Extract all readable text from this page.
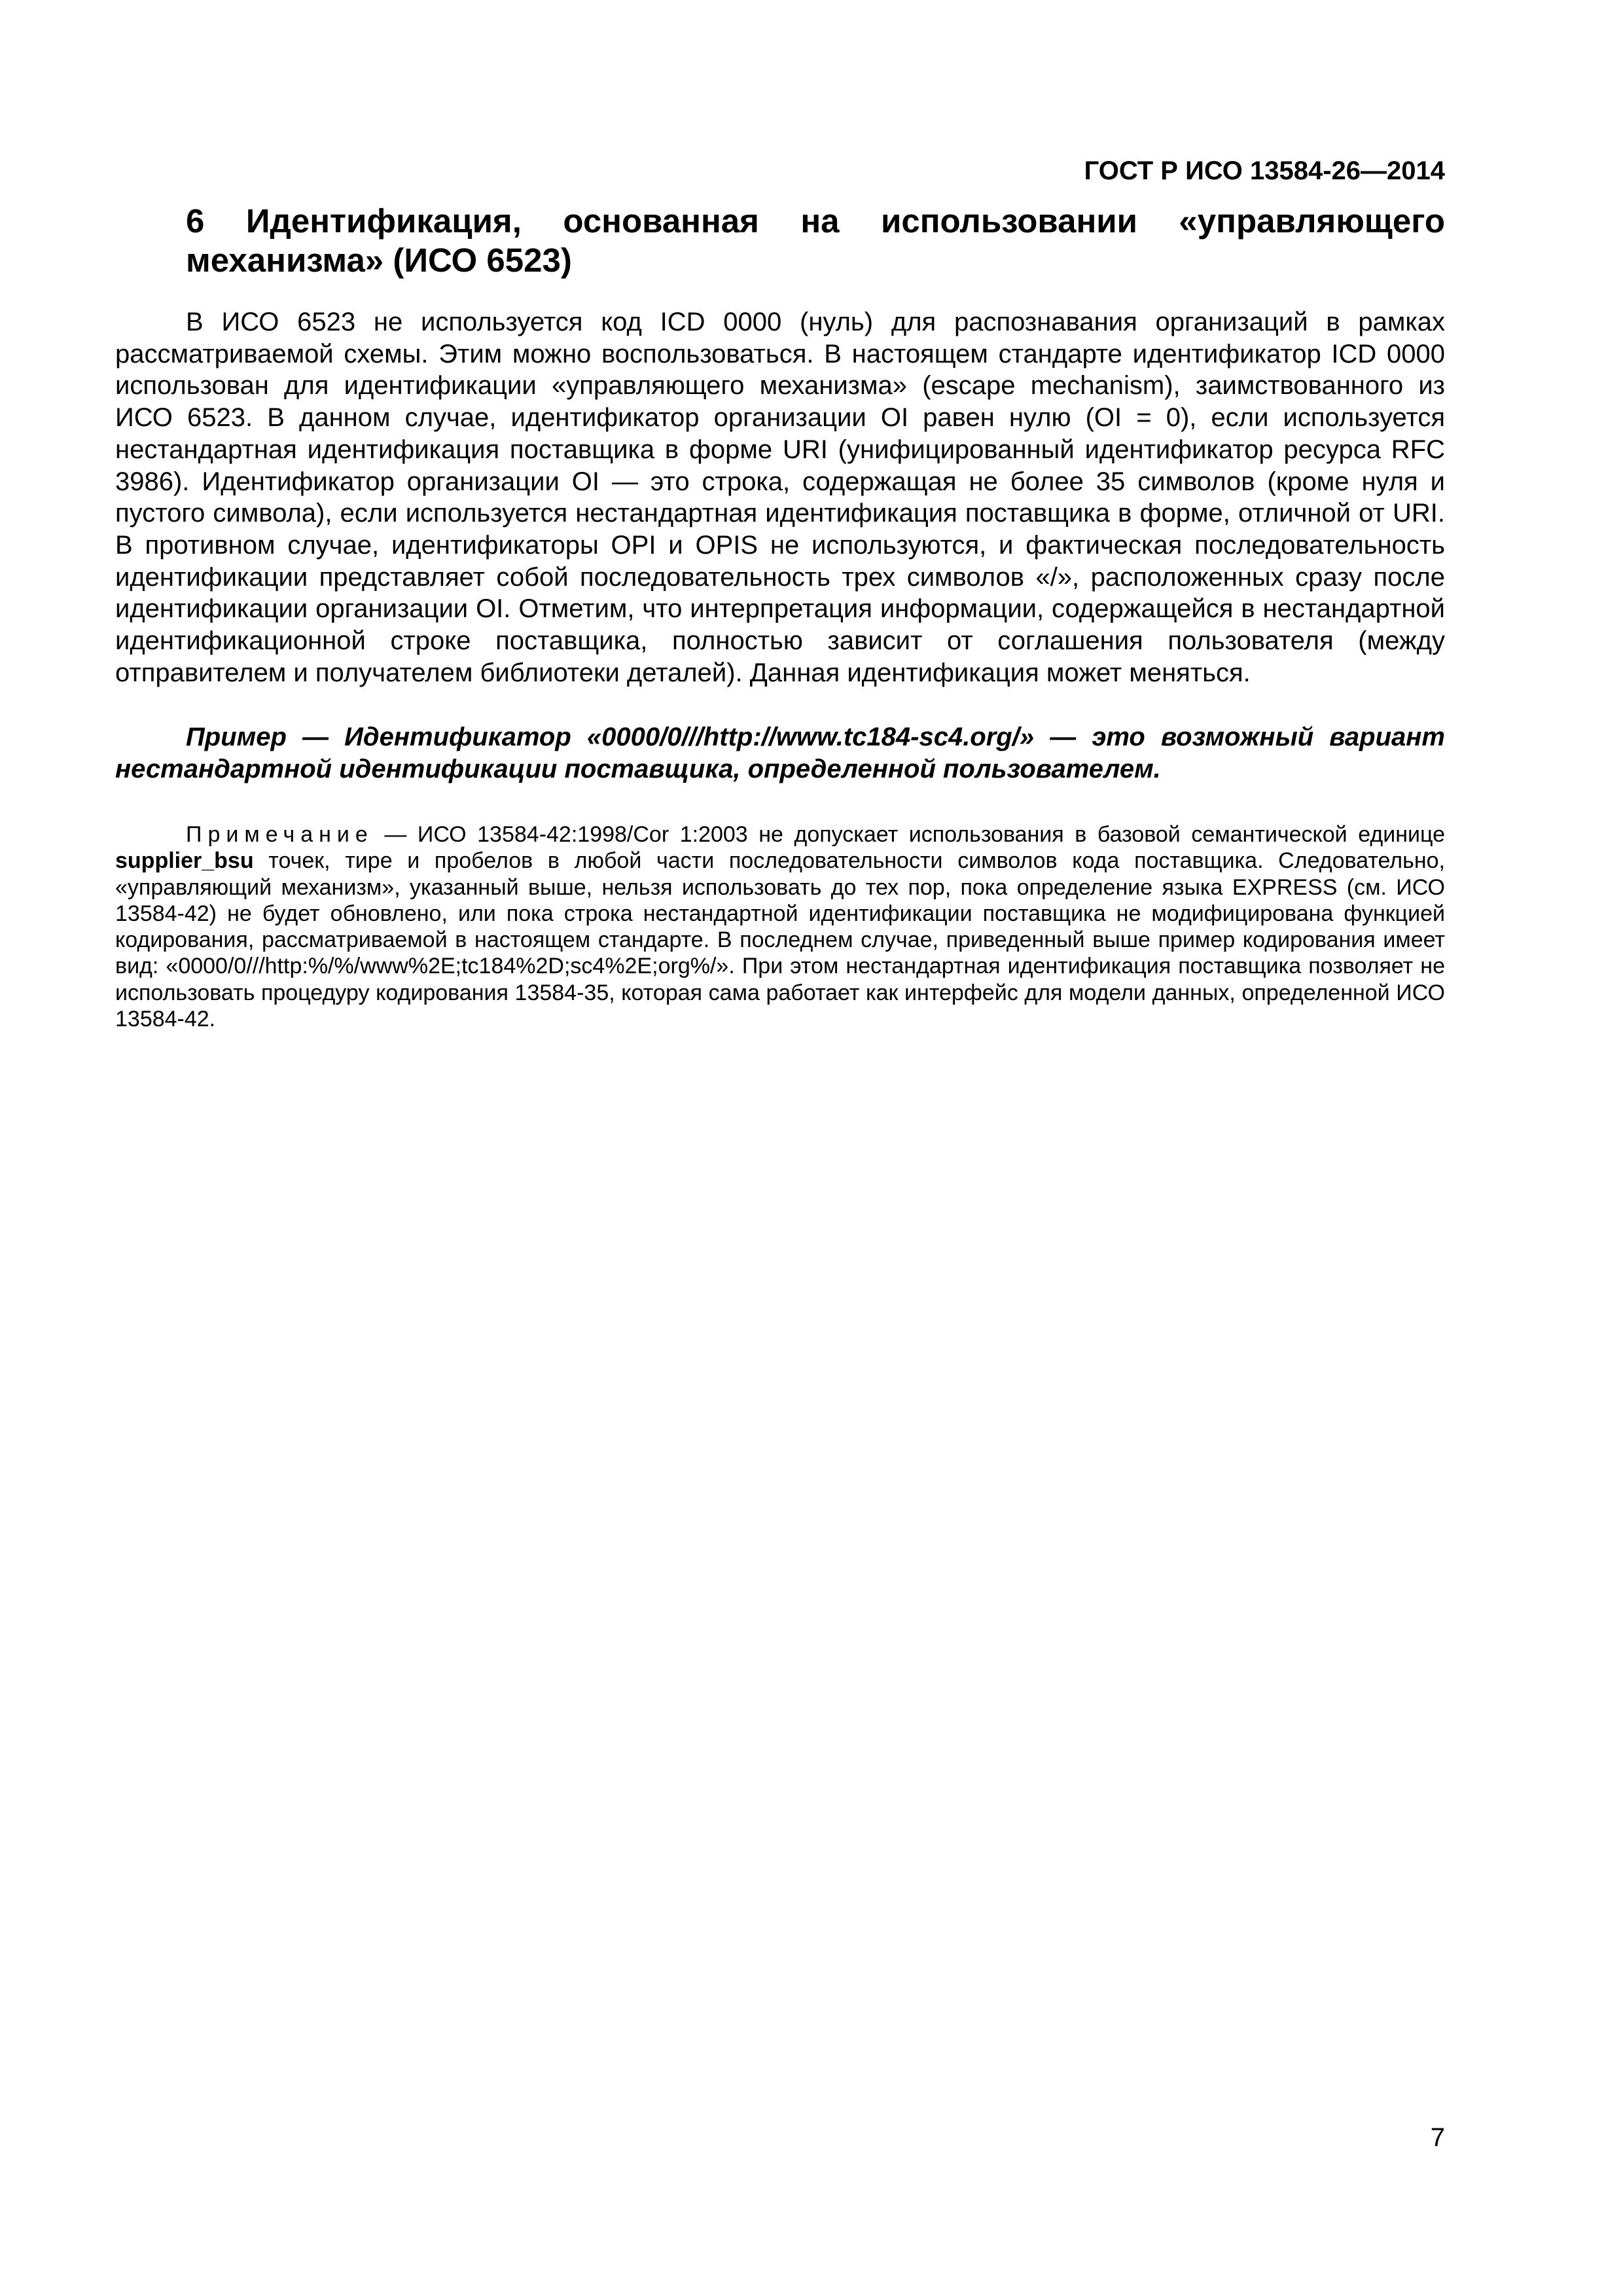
ГОСТ Р ИСО 13584-26—2014
6 Идентификация, основанная на использовании «управляющего механизма» (ИСО 6523)

В ИСО 6523 не используется код ICD 0000 (нуль) для распознавания организаций в рамках рассматриваемой схемы. Этим можно воспользоваться. В настоящем стандарте идентификатор ICD 0000 использован для идентификации «управляющего механизма» (escape mechanism), заимствованного из ИСО 6523. В данном случае, идентификатор организации OI равен нулю (OI = 0), если используется нестандартная идентификация поставщика в форме URI (унифицированный идентификатор ресурса RFC 3986). Идентификатор организации OI — это строка, содержащая не более 35 символов (кроме нуля и пустого символа), если используется нестандартная идентификация поставщика в форме, отличной от URI. В противном случае, идентификаторы OPI и OPIS не используются, и фактическая последовательность идентификации представляет собой последовательность трех символов «/», расположенных сразу после идентификации организации OI. Отметим, что интерпретация информации, содержащейся в нестандартной идентификационной строке поставщика, полностью зависит от соглашения пользователя (между отправителем и получателем библиотеки деталей). Данная идентификация может меняться.

Пример — Идентификатор «0000/0///http://www.tc184-sc4.org/» — это возможный вариант нестандартной идентификации поставщика, определенной пользователем.

Примечание — ИСО 13584-42:1998/Cor 1:2003 не допускает использования в базовой семантической единице supplier_bsu точек, тире и пробелов в любой части последовательности символов кода поставщика. Следовательно, «управляющий механизм», указанный выше, нельзя использовать до тех пор, пока определение языка EXPRESS (см. ИСО 13584-42) не будет обновлено, или пока строка нестандартной идентификации поставщика не модифицирована функцией кодирования, рассматриваемой в настоящем стандарте. В последнем случае, приведенный выше пример кодирования имеет вид: «0000/0///http:%/%/www%2E;tc184%2D;sc4%2E;org%/». При этом нестандартная идентификация поставщика позволяет не использовать процедуру кодирования 13584-35, которая сама работает как интерфейс для модели данных, определенной ИСО 13584-42.

7
